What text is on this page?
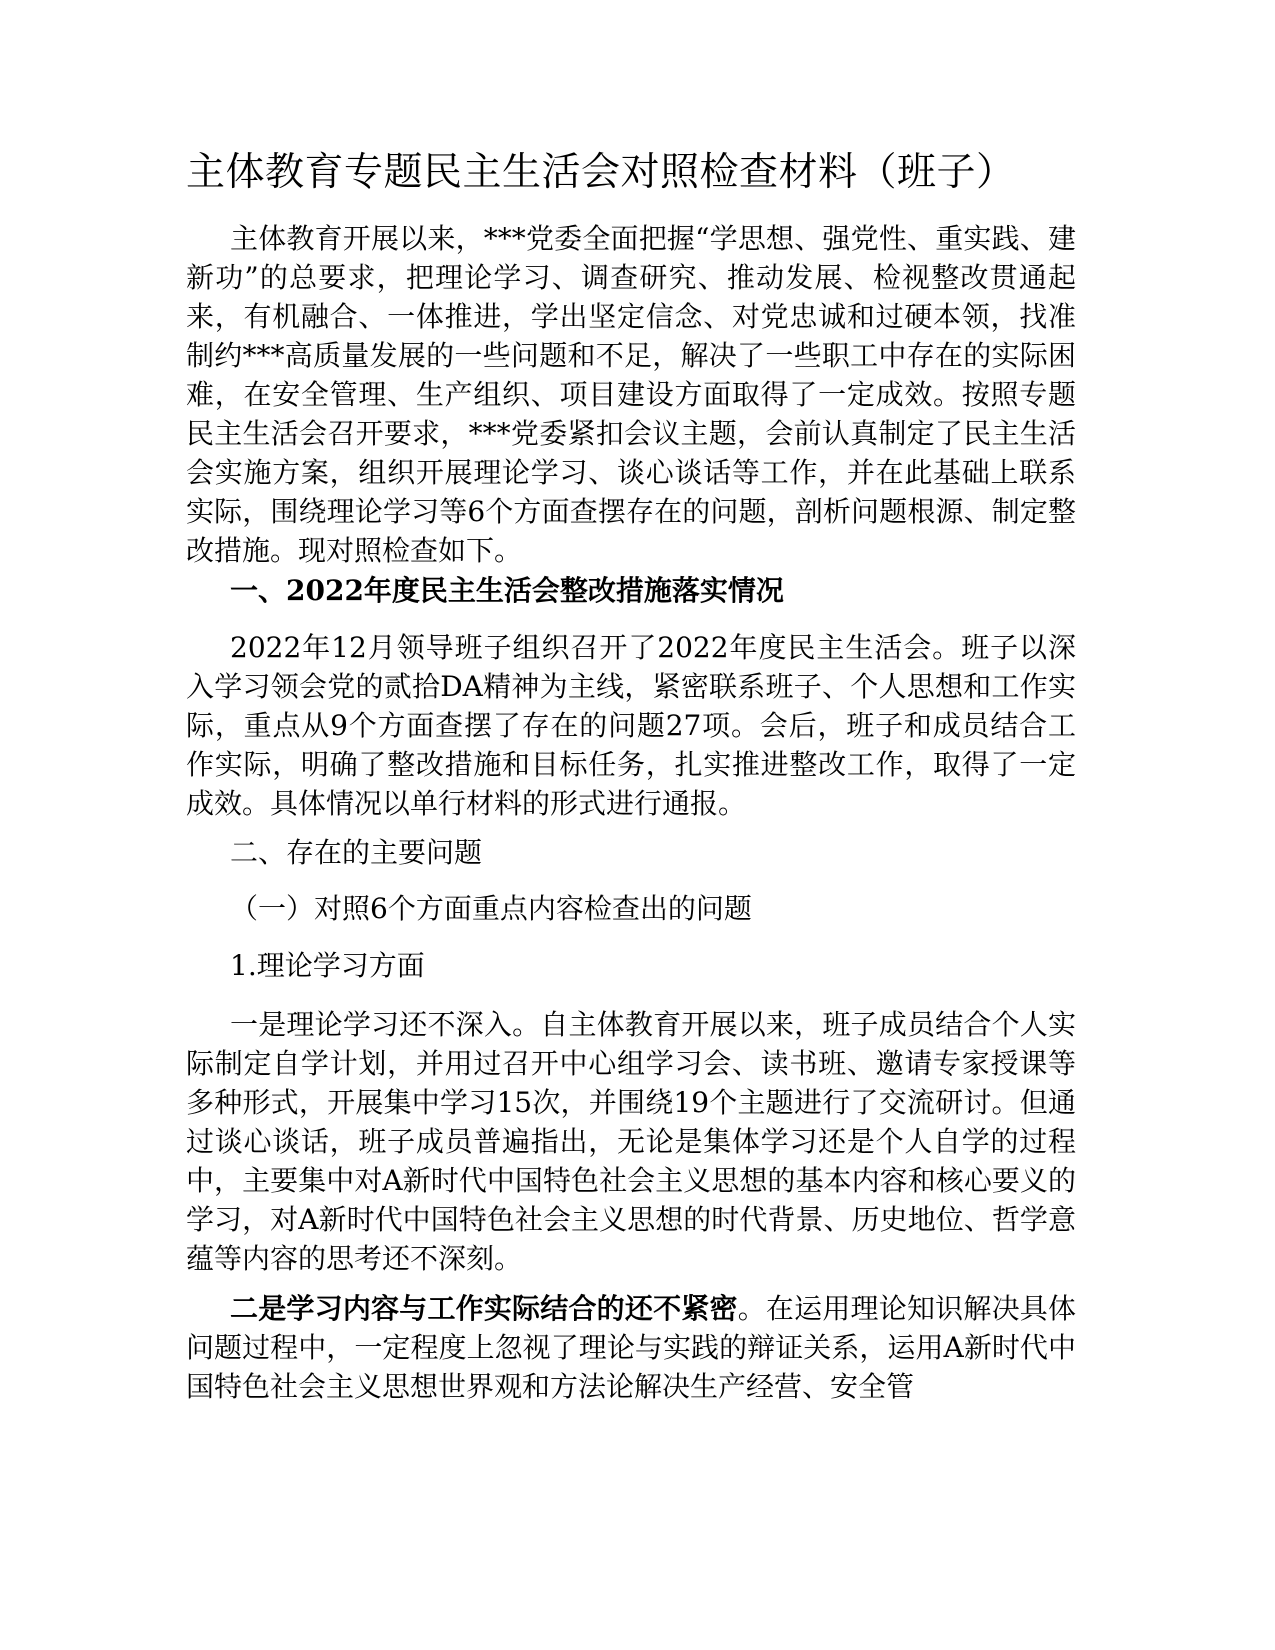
主体教育专题民主生活会对照检查材料（班子）

主体教育开展以来，***党委全面把握“学思想、强党性、重实践、建新功”的总要求，把理论学习、调查研究、推动发展、检视整改贯通起来，有机融合、一体推进，学出坚定信念、对党忠诚和过硬本领，找准制约***高质量发展的一些问题和不足，解决了一些职工中存在的实际困难，在安全管理、生产组织、项目建设方面取得了一定成效。按照专题民主生活会召开要求，***党委紧扣会议主题，会前认真制定了民主生活会实施方案，组织开展理论学习、谈心谈话等工作，并在此基础上联系实际，围绕理论学习等6个方面查摆存在的问题，剖析问题根源、制定整改措施。现对照检查如下。

一、2022年度民主生活会整改措施落实情况

2022年12月领导班子组织召开了2022年度民主生活会。班子以深入学习领会党的贰拾DA精神为主线，紧密联系班子、个人思想和工作实际，重点从9个方面查摆了存在的问题27项。会后，班子和成员结合工作实际，明确了整改措施和目标任务，扎实推进整改工作，取得了一定成效。具体情况以单行材料的形式进行通报。

二、存在的主要问题

（一）对照6个方面重点内容检查出的问题

1.理论学习方面

一是理论学习还不深入。自主体教育开展以来，班子成员结合个人实际制定自学计划，并用过召开中心组学习会、读书班、邀请专家授课等多种形式，开展集中学习15次，并围绕19个主题进行了交流研讨。但通过谈心谈话，班子成员普遍指出，无论是集体学习还是个人自学的过程中，主要集中对A新时代中国特色社会主义思想的基本内容和核心要义的学习，对A新时代中国特色社会主义思想的时代背景、历史地位、哲学意蕴等内容的思考还不深刻。

二是学习内容与工作实际结合的还不紧密。在运用理论知识解决具体问题过程中，一定程度上忽视了理论与实践的辩证关系，运用A新时代中国特色社会主义思想世界观和方法论解决生产经营、安全管
